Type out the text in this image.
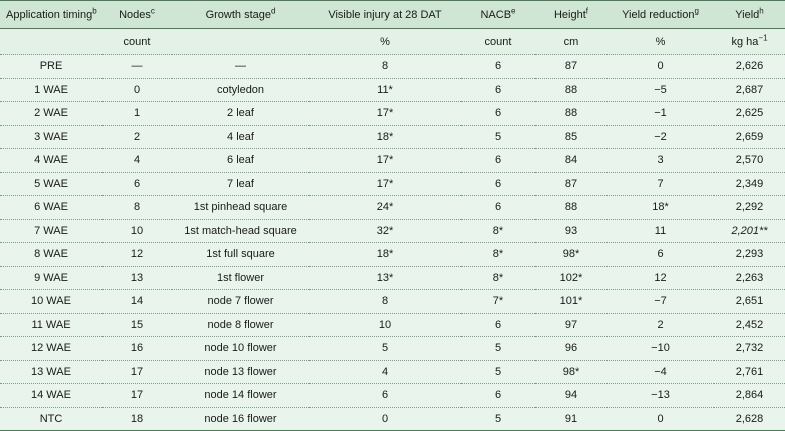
Application timing$^b$	Nodes$^c$	Growth stage$^d$	Visible injury at 28 DAT	NACB$^e$	Height$^f$	Yield reduction$^g$	Yield$^h$
	count		%	count	cm	%	kg $ha^{-1}$
PRE	—	—	8	6	87	0	2,626
1 WAE	0	cotyledon	11*	6	88	−5	2,687
2 WAE	1	2 leaf	17*	6	88	−1	2,625
3 WAE	2	4 leaf	18*	5	85	−2	2,659
4 WAE	4	6 leaf	17*	6	84	3	2,570
5 WAE	6	7 leaf	17*	6	87	7	2,349
6 WAE	8	1st pinhead square	24*	6	88	18*	2,292
7 WAE	10	1st match-head square	32*	8*	93	11	2,201**
8 WAE	12	1st full square	18*	8*	98*	6	2,293
9 WAE	13	1st flower	13*	8*	102*	12	2,263
10 WAE	14	node 7 flower	8	7*	101*	−7	2,651
11 WAE	15	node 8 flower	10	6	97	2	2,452
12 WAE	16	node 10 flower	5	5	96	−10	2,732
13 WAE	17	node 13 flower	4	5	98*	−4	2,761
14 WAE	17	node 14 flower	6	6	94	−13	2,864
NTC	18	node 16 flower	0	5	91	0	2,628
